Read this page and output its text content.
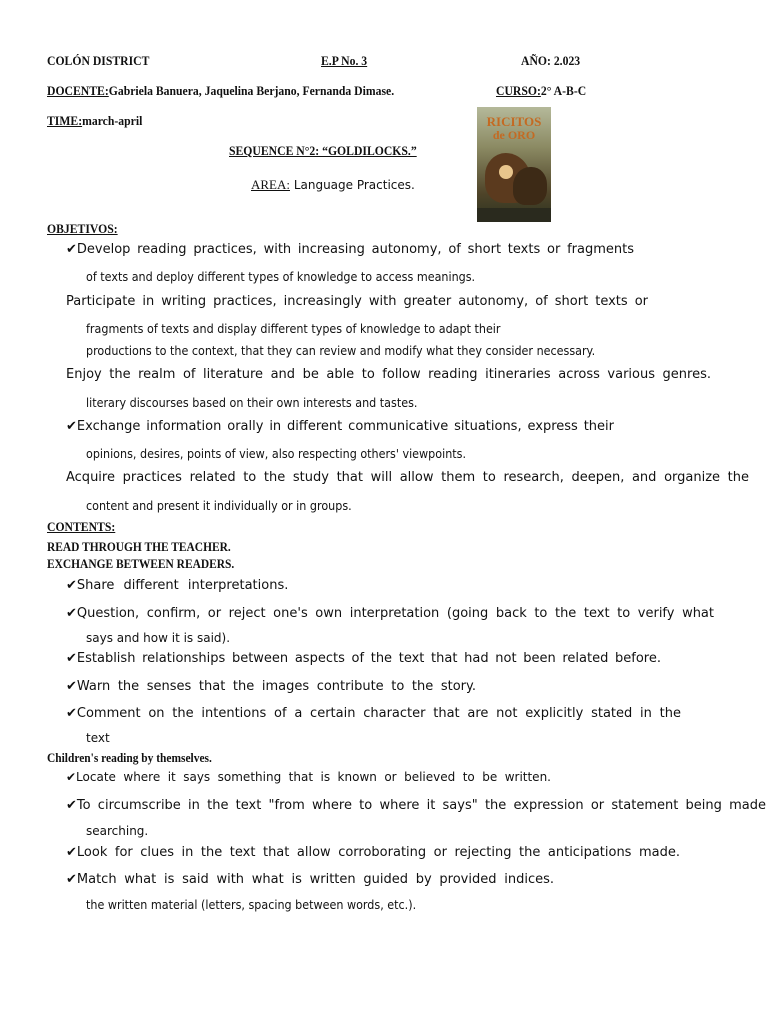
COLÓN DISTRICT	E.P No. 3	AÑO: 2.023
DOCENTE:Gabriela Banuera, Jaquelina Berjano, Fernanda Dimase.	CURSO:2° A-B-C
TIME:march-april
SEQUENCE N°2: “GOLDILOCKS.”
AREA: Language Practices.
RICITOS
de ORO
OBJETIVOS:
✔Develop reading practices, with increasing autonomy, of short texts or fragments
of texts and deploy different types of knowledge to access meanings.
Participate in writing practices, increasingly with greater autonomy, of short texts or
fragments of texts and display different types of knowledge to adapt their
productions to the context, that they can review and modify what they consider necessary.
Enjoy the realm of literature and be able to follow reading itineraries across various genres.
literary discourses based on their own interests and tastes.
✔Exchange information orally in different communicative situations, express their
opinions, desires, points of view, also respecting others' viewpoints.
Acquire practices related to the study that will allow them to research, deepen, and organize the
content and present it individually or in groups.
CONTENTS:
READ THROUGH THE TEACHER.
EXCHANGE BETWEEN READERS.
✔Share different interpretations.
✔Question, confirm, or reject one's own interpretation (going back to the text to verify what
says and how it is said).
✔Establish relationships between aspects of the text that had not been related before.
✔Warn the senses that the images contribute to the story.
✔Comment on the intentions of a certain character that are not explicitly stated in the
text
Children's reading by themselves.
✔Locate where it says something that is known or believed to be written.
✔To circumscribe in the text "from where to where it says" the expression or statement being made
searching.
✔Look for clues in the text that allow corroborating or rejecting the anticipations made.
✔Match what is said with what is written guided by provided indices.
the written material (letters, spacing between words, etc.).
